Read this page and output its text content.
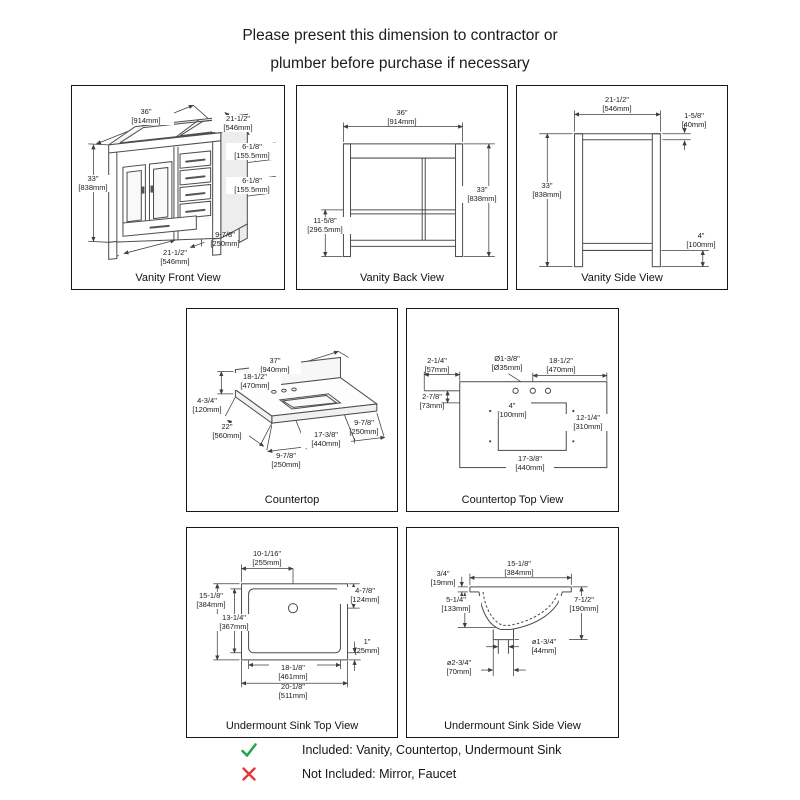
Please present this dimension to contractor or
plumber before purchase if necessary
36"
[914mm]	21-1/2"
[546mm]
6-1/8"
[155.5mm]
33"
[838mm]
6-1/8"
[155.5mm]
9-7/8"
[250mm]
21-1/2"
[546mm]
Vanity Front View
36"
[914mm]
33"
[838mm]
11-5/8"
[296.5mm]
Vanity Back View
21-1/2"
[546mm]
1-5/8"
[40mm]
33"
[838mm]
4"
[100mm]
Vanity Side View
37"
[940mm]
18-1/2"
[470mm]
4-3/4"
[120mm]
22"
[560mm]
9-7/8"
[250mm]
17-3/8"
[440mm]
9-7/8"
[250mm]
Countertop
2-1/4"
[57mm]
Ø1-3/8"
[Ø35mm]
18-1/2"
[470mm]
2-7/8"
[73mm]	4"
[100mm]	12-1/4"
[310mm]
17-3/8"
[440mm]
Countertop Top View
10-1/16"
[255mm]
4-7/8"
[124mm]
15-1/8"
[384mm]
13-1/4"
[367mm]
1"
[25mm]
18-1/8"
[461mm]
20-1/8"
[511mm]
Undermount Sink Top View
3/4"
[19mm]
15-1/8"
[384mm]
5-1/4"
[133mm]
7-1/2"
[190mm]
ø1-3/4"
[44mm]
ø2-3/4"
[70mm]
Undermount Sink Side View
Included: Vanity, Countertop, Undermount Sink
Not Included: Mirror, Faucet
